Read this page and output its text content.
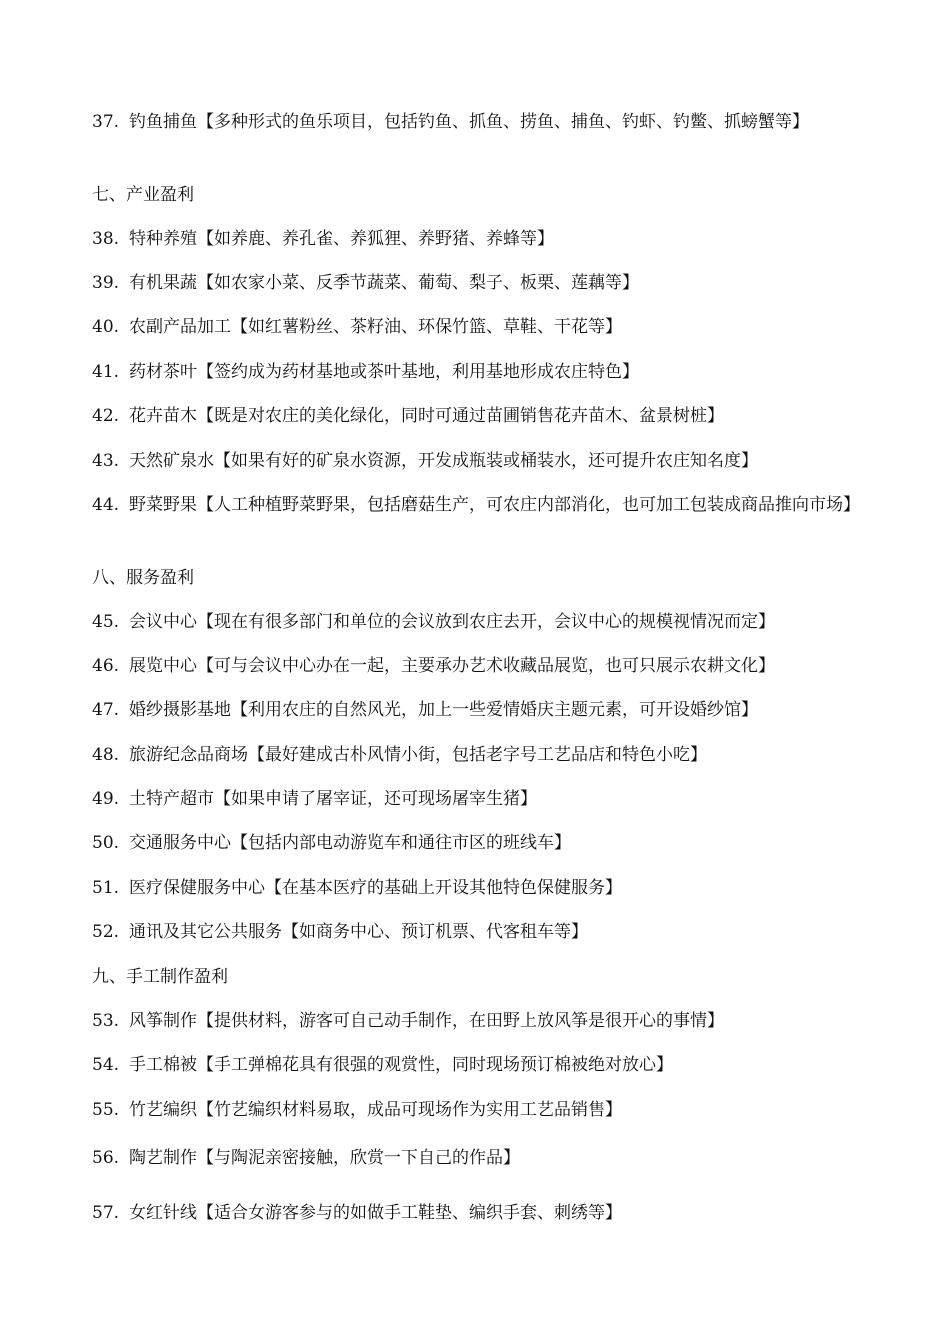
37. 钓鱼捕鱼【多种形式的鱼乐项目，包括钓鱼、抓鱼、捞鱼、捕鱼、钓虾、钓鳖、抓螃蟹等】
七、产业盈利
38. 特种养殖【如养鹿、养孔雀、养狐狸、养野猪、养蜂等】
39. 有机果蔬【如农家小菜、反季节蔬菜、葡萄、梨子、板栗、莲藕等】
40. 农副产品加工【如红薯粉丝、茶籽油、环保竹篮、草鞋、干花等】
41. 药材茶叶【签约成为药材基地或茶叶基地，利用基地形成农庄特色】
42. 花卉苗木【既是对农庄的美化绿化，同时可通过苗圃销售花卉苗木、盆景树桩】
43. 天然矿泉水【如果有好的矿泉水资源，开发成瓶装或桶装水，还可提升农庄知名度】
44. 野菜野果【人工种植野菜野果，包括磨菇生产，可农庄内部消化，也可加工包装成商品推向市场】
八、服务盈利
45. 会议中心【现在有很多部门和单位的会议放到农庄去开，会议中心的规模视情况而定】
46. 展览中心【可与会议中心办在一起，主要承办艺术收藏品展览，也可只展示农耕文化】
47. 婚纱摄影基地【利用农庄的自然风光，加上一些爱情婚庆主题元素，可开设婚纱馆】
48. 旅游纪念品商场【最好建成古朴风情小街，包括老字号工艺品店和特色小吃】
49. 土特产超市【如果申请了屠宰证，还可现场屠宰生猪】
50. 交通服务中心【包括内部电动游览车和通往市区的班线车】
51. 医疗保健服务中心【在基本医疗的基础上开设其他特色保健服务】
52. 通讯及其它公共服务【如商务中心、预订机票、代客租车等】
九、手工制作盈利
53. 风筝制作【提供材料，游客可自己动手制作，在田野上放风筝是很开心的事情】
54. 手工棉被【手工弹棉花具有很强的观赏性，同时现场预订棉被绝对放心】
55. 竹艺编织【竹艺编织材料易取，成品可现场作为实用工艺品销售】
56. 陶艺制作【与陶泥亲密接触，欣赏一下自己的作品】
57. 女红针线【适合女游客参与的如做手工鞋垫、编织手套、刺绣等】
